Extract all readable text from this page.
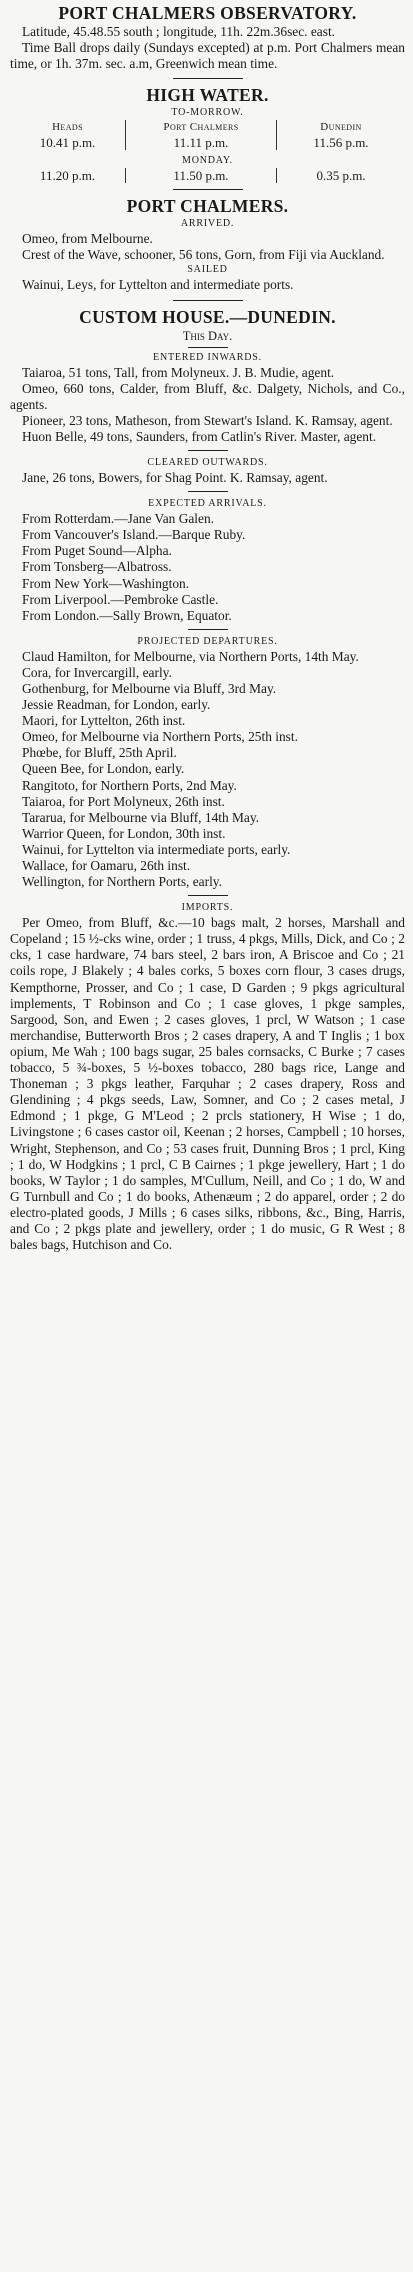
PORT CHALMERS OBSERVATORY.

Latitude, 45.48.55 south ; longitude, 11h. 22m.36sec. east.

Time Ball drops daily (Sundays excepted) at p.m. Port Chalmers mean time, or 1h. 37m. sec. a.m, Greenwich mean time.

HIGH WATER.
TO-MORROW.
Heads	Port Chalmers	Dunedin
10.41 p.m.	11.11 p.m.	11.56 p.m.
MONDAY.
11.20 p.m.	11.50 p.m.	0.35 p.m.
PORT CHALMERS.
ARRIVED.

Omeo, from Melbourne.

Crest of the Wave, schooner, 56 tons, Gorn, from Fiji via Auckland.

SAILED

Wainui, Leys, for Lyttelton and intermediate ports.

CUSTOM HOUSE.—DUNEDIN.
This Day.
ENTERED INWARDS.

Taiaroa, 51 tons, Tall, from Molyneux. J. B. Mudie, agent.

Omeo, 660 tons, Calder, from Bluff, &c. Dalgety, Nichols, and Co., agents.

Pioneer, 23 tons, Matheson, from Stewart's Island. K. Ramsay, agent.

Huon Belle, 49 tons, Saunders, from Catlin's River. Master, agent.

CLEARED OUTWARDS.

Jane, 26 tons, Bowers, for Shag Point. K. Ramsay, agent.

EXPECTED ARRIVALS.

From Rotterdam.—Jane Van Galen.

From Vancouver's Island.—Barque Ruby.

From Puget Sound—Alpha.

From Tonsberg—Albatross.

From New York—Washington.

From Liverpool.—Pembroke Castle.

From London.—Sally Brown, Equator.

PROJECTED DEPARTURES.

Claud Hamilton, for Melbourne, via Northern Ports, 14th May.

Cora, for Invercargill, early.

Gothenburg, for Melbourne via Bluff, 3rd May.

Jessie Readman, for London, early.

Maori, for Lyttelton, 26th inst.

Omeo, for Melbourne via Northern Ports, 25th inst.

Phœbe, for Bluff, 25th April.

Queen Bee, for London, early.

Rangitoto, for Northern Ports, 2nd May.

Taiaroa, for Port Molyneux, 26th inst.

Tararua, for Melbourne via Bluff, 14th May.

Warrior Queen, for London, 30th inst.

Wainui, for Lyttelton via intermediate ports, early.

Wallace, for Oamaru, 26th inst.

Wellington, for Northern Ports, early.

IMPORTS.

Per Omeo, from Bluff, &c.—10 bags malt, 2 horses, Marshall and Copeland ; 15 ½-cks wine, order ; 1 truss, 4 pkgs, Mills, Dick, and Co ; 2 cks, 1 case hardware, 74 bars steel, 2 bars iron, A Briscoe and Co ; 21 coils rope, J Blakely ; 4 bales corks, 5 boxes corn flour, 3 cases drugs, Kempthorne, Prosser, and Co ; 1 case, D Garden ; 9 pkgs agricultural implements, T Robinson and Co ; 1 case gloves, 1 pkge samples, Sargood, Son, and Ewen ; 2 cases gloves, 1 prcl, W Watson ; 1 case merchandise, Butterworth Bros ; 2 cases drapery, A and T Inglis ; 1 box opium, Me Wah ; 100 bags sugar, 25 bales cornsacks, C Burke ; 7 cases tobacco, 5 ¾-boxes, 5 ½-boxes tobacco, 280 bags rice, Lange and Thoneman ; 3 pkgs leather, Farquhar ; 2 cases drapery, Ross and Glendining ; 4 pkgs seeds, Law, Somner, and Co ; 2 cases metal, J Edmond ; 1 pkge, G M'Leod ; 2 prcls stationery, H Wise ; 1 do, Livingstone ; 6 cases castor oil, Keenan ; 2 horses, Campbell ; 10 horses, Wright, Stephenson, and Co ; 53 cases fruit, Dunning Bros ; 1 prcl, King ; 1 do, W Hodgkins ; 1 prcl, C B Cairnes ; 1 pkge jewellery, Hart ; 1 do books, W Taylor ; 1 do samples, M'Cullum, Neill, and Co ; 1 do, W and G Turnbull and Co ; 1 do books, Athenæum ; 2 do apparel, order ; 2 do electro-plated goods, J Mills ; 6 cases silks, ribbons, &c., Bing, Harris, and Co ; 2 pkgs plate and jewellery, order ; 1 do music, G R West ; 8 bales bags, Hutchison and Co.
